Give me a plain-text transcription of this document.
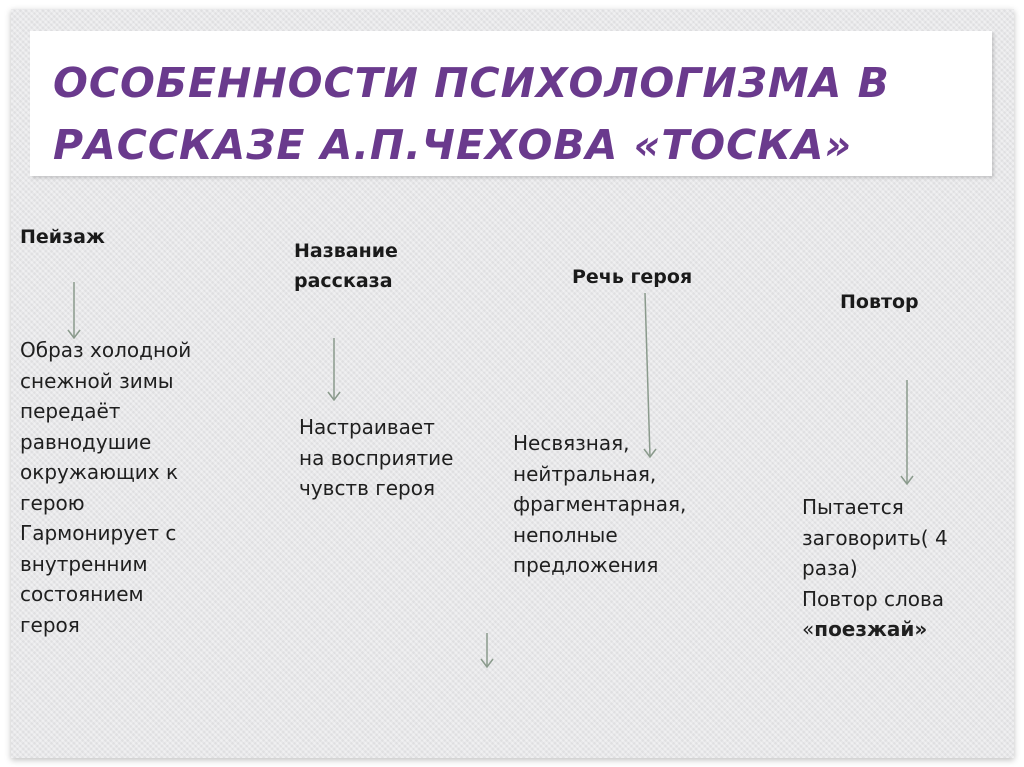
ОСОБЕННОСТИ ПСИХОЛОГИЗМА В
РАССКАЗЕ А.П.ЧЕХОВА «ТОСКА»
Пейзаж
Образ холодной
снежной зимы
передаёт
равнодушие
окружающих к
герою
Гармонирует с
внутренним
состоянием
героя
Название
рассказа
Настраивает
на восприятие
чувств героя
Речь героя
Несвязная,
нейтральная,
фрагментарная,
неполные
предложения
Повтор
Пытается
заговорить( 4
раза)
Повтор слова
«поезжай»
